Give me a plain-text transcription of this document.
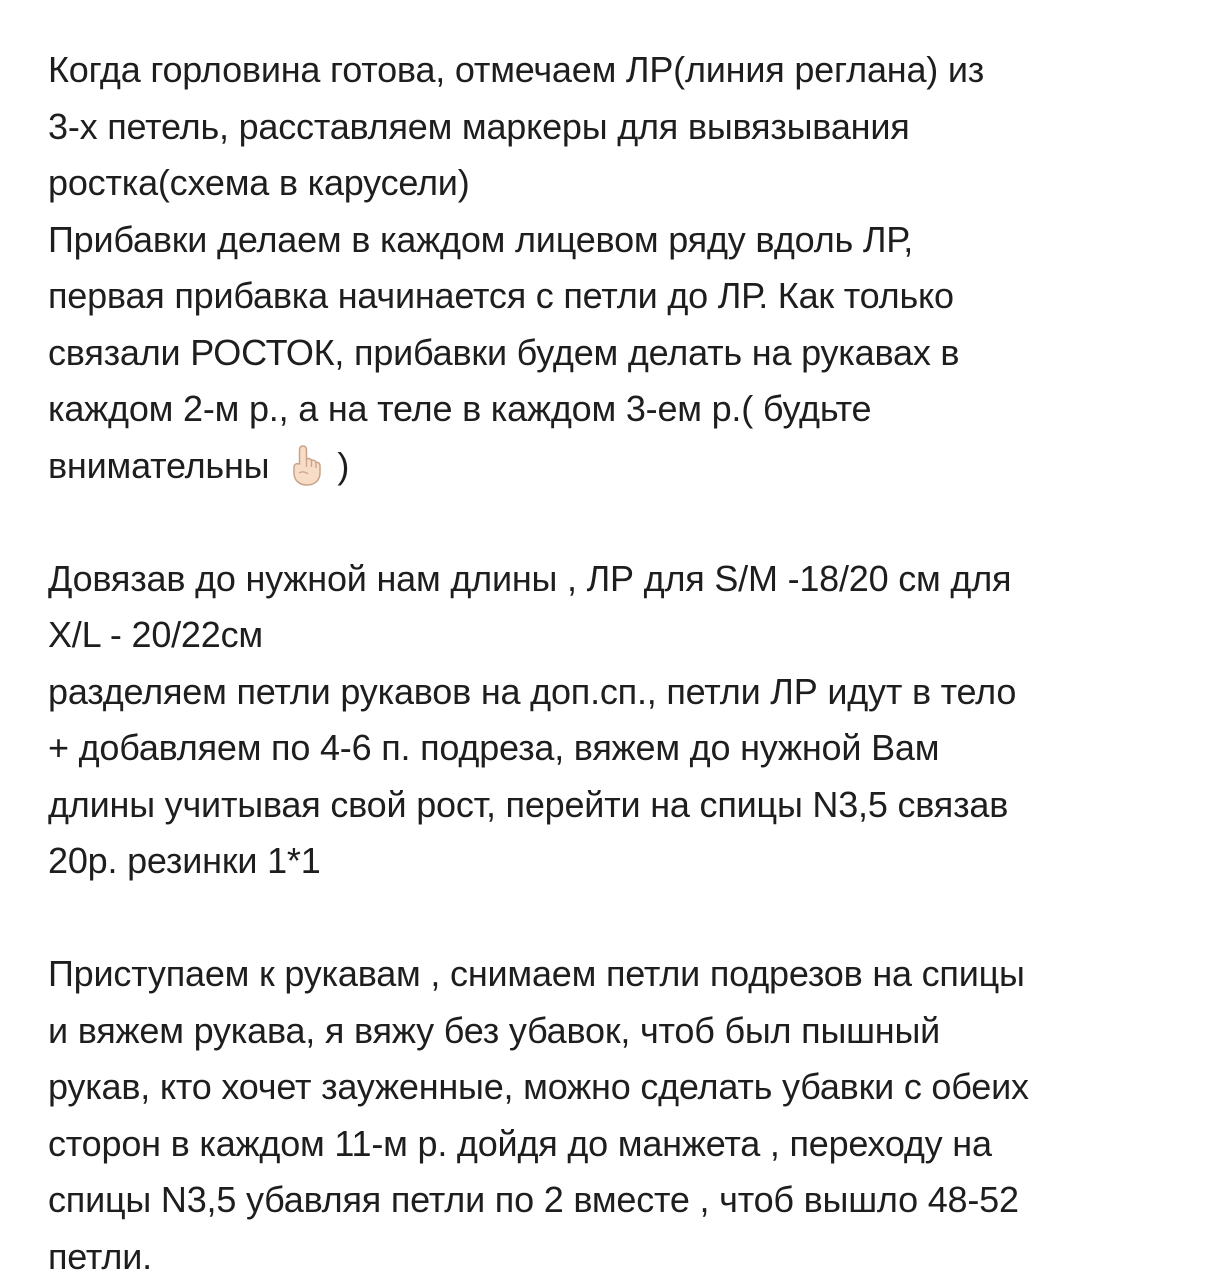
Когда горловина готова, отмечаем ЛР(линия реглана) из
3-х петель, расставляем маркеры для вывязывания
ростка(схема в карусели)
Прибавки делаем в каждом лицевом ряду вдоль ЛР,
первая прибавка начинается с петли до ЛР. Как только
связали РОСТОК, прибавки будем делать на рукавах в
каждом 2-м р., а на теле в каждом 3-ем р.( будьте
внимательны )
Довязав до нужной нам длины , ЛР для S/M -18/20 см для
X/L - 20/22см
разделяем петли рукавов на доп.сп., петли ЛР идут в тело
+ добавляем по 4-6 п. подреза, вяжем до нужной Вам
длины учитывая свой рост, перейти на спицы N3,5 связав
20р. резинки 1*1
Приступаем к рукавам , снимаем петли подрезов на спицы
и вяжем рукава, я вяжу без убавок, чтоб был пышный
рукав, кто хочет зауженные, можно сделать убавки с обеих
сторон в каждом 11-м р. дойдя до манжета , переходу на
спицы N3,5 убавляя петли по 2 вместе , чтоб вышло 48-52
петли.
